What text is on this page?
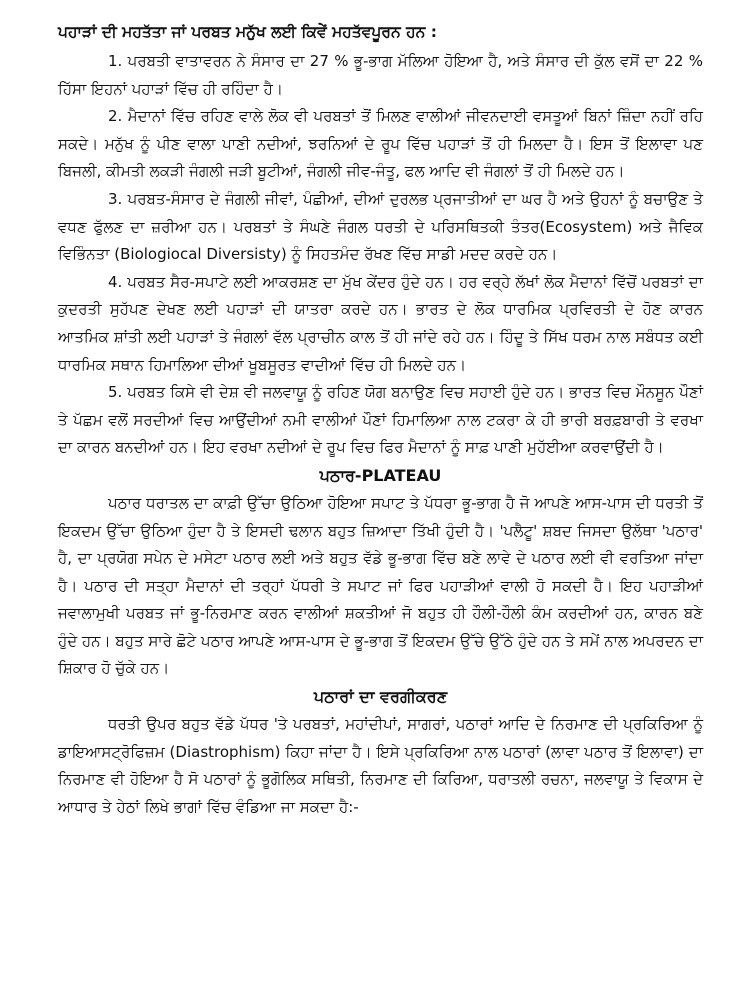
ਪਹਾੜਾਂ ਦੀ ਮਹਤੱਤਾ ਜਾਂ ਪਰਬਤ ਮਨੁੱਖ ਲਈ ਕਿਵੇਂ ਮਹਤੱਵਪੂਰਨ ਹਨ :

1. ਪਰਬਤੀ ਵਾਤਾਵਰਨ ਨੇ ਸੰਸਾਰ ਦਾ 27 % ਭੂ-ਭਾਗ ਮੱਲਿਆ ਹੋਇਆ ਹੈ, ਅਤੇ ਸੰਸਾਰ ਦੀ ਕੁੱਲ ਵਸੋਂ ਦਾ 22 % ਹਿੱਸਾ ਇਹਨਾਂ ਪਹਾੜਾਂ ਵਿੱਚ ਹੀ ਰਹਿੰਦਾ ਹੈ।

2. ਮੈਦਾਨਾਂ ਵਿੱਚ ਰਹਿਣ ਵਾਲੇ ਲੋਕ ਵੀ ਪਰਬਤਾਂ ਤੋਂ ਮਿਲਣ ਵਾਲੀਆਂ ਜੀਵਨਦਾਈ ਵਸਤੂਆਂ ਬਿਨਾਂ ਜ਼ਿੰਦਾ ਨਹੀਂ ਰਹਿ ਸਕਦੇ। ਮਨੁੱਖ ਨੂੰ ਪੀਣ ਵਾਲਾ ਪਾਣੀ ਨਦੀਆਂ, ਝਰਨਿਆਂ ਦੇ ਰੂਪ ਵਿੱਚ ਪਹਾੜਾਂ ਤੋਂ ਹੀ ਮਿਲਦਾ ਹੈ। ਇਸ ਤੋਂ ਇਲਾਵਾ ਪਣ ਬਿਜਲੀ, ਕੀਮਤੀ ਲਕੜੀ ਜੰਗਲੀ ਜੜੀ ਬੂਟੀਆਂ, ਜੰਗਲੀ ਜੀਵ-ਜੰਤੂ, ਫਲ ਆਦਿ ਵੀ ਜੰਗਲਾਂ ਤੋਂ ਹੀ ਮਿਲਦੇ ਹਨ।

3. ਪਰਬਤ-ਸੰਸਾਰ ਦੇ ਜੰਗਲੀ ਜੀਵਾਂ, ਪੰਛੀਆਂ, ਦੀਆਂ ਦੁਰਲਭ ਪ੍ਰਜਾਤੀਆਂ ਦਾ ਘਰ ਹੈ ਅਤੇ ਉਹਨਾਂ ਨੂੰ ਬਚਾਉਣ ਤੇ ਵਧਣ ਫੁੱਲਣ ਦਾ ਜ਼ਰੀਆ ਹਨ। ਪਰਬਤਾਂ ਤੇ ਸੰਘਣੇ ਜੰਗਲ ਧਰਤੀ ਦੇ ਪਰਿਸਥਿਤਕੀ ਤੰਤਰ(Ecosystem) ਅਤੇ ਜੈਵਿਕ ਵਿਭਿੰਨਤਾ (Biologiocal Diversisty) ਨੂੰ ਸਿਹਤਮੰਦ ਰੱਖਣ ਵਿੱਚ ਸਾਡੀ ਮਦਦ ਕਰਦੇ ਹਨ।

4. ਪਰਬਤ ਸੈਰ-ਸਪਾਟੇ ਲਈ ਆਕਰਸ਼ਣ ਦਾ ਮੁੱਖ ਕੇਂਦਰ ਹੁੰਦੇ ਹਨ। ਹਰ ਵਰ੍ਹੇ ਲੱਖਾਂ ਲੋਕ ਮੈਦਾਨਾਂ ਵਿੱਚੋਂ ਪਰਬਤਾਂ ਦਾ ਕੁਦਰਤੀ ਸੁਹੱਪਣ ਦੇਖਣ ਲਈ ਪਹਾੜਾਂ ਦੀ ਯਾਤਰਾ ਕਰਦੇ ਹਨ। ਭਾਰਤ ਦੇ ਲੋਕ ਧਾਰਮਿਕ ਪ੍ਰਵਿਰਤੀ ਦੇ ਹੋਣ ਕਾਰਨ ਆਤਮਿਕ ਸ਼ਾਂਤੀ ਲਈ ਪਹਾੜਾਂ ਤੇ ਜੰਗਲਾਂ ਵੱਲ ਪ੍ਰਾਚੀਨ ਕਾਲ ਤੋਂ ਹੀ ਜਾਂਦੇ ਰਹੇ ਹਨ। ਹਿੰਦੂ ਤੇ ਸਿੱਖ ਧਰਮ ਨਾਲ ਸਬੰਧਤ ਕਈ ਧਾਰਮਿਕ ਸਥਾਨ ਹਿਮਾਲਿਆ ਦੀਆਂ ਖੂਬਸੂਰਤ ਵਾਦੀਆਂ ਵਿੱਚ ਹੀ ਮਿਲਦੇ ਹਨ।

5. ਪਰਬਤ ਕਿਸੇ ਵੀ ਦੇਸ਼ ਵੀ ਜਲਵਾਯੂ ਨੂੰ ਰਹਿਣ ਯੋਗ ਬਨਾਉਣ ਵਿਚ ਸਹਾਈ ਹੁੰਦੇ ਹਨ। ਭਾਰਤ ਵਿਚ ਮੌਨਸੂਨ ਪੌਣਾਂ ਤੇ ਪੱਛਮ ਵਲੋਂ ਸਰਦੀਆਂ ਵਿਚ ਆਉਂਦੀਆਂ ਨਮੀ ਵਾਲੀਆਂ ਪੌਣਾਂ ਹਿਮਾਲਿਆ ਨਾਲ ਟਕਰਾ ਕੇ ਹੀ ਭਾਰੀ ਬਰਫ਼ਬਾਰੀ ਤੇ ਵਰਖਾ ਦਾ ਕਾਰਨ ਬਨਦੀਆਂ ਹਨ। ਇਹ ਵਰਖਾ ਨਦੀਆਂ ਦੇ ਰੂਪ ਵਿਚ ਫਿਰ ਮੈਦਾਨਾਂ ਨੂੰ ਸਾਫ਼ ਪਾਣੀ ਮੁਹੱਈਆ ਕਰਵਾਉਂਦੀ ਹੈ।

ਪਠਾਰ-PLATEAU

ਪਠਾਰ ਧਰਾਤਲ ਦਾ ਕਾਫ਼ੀ ਉੱਚਾ ਉਠਿਆ ਹੋਇਆ ਸਪਾਟ ਤੇ ਪੱਧਰਾ ਭੂ-ਭਾਗ ਹੈ ਜੋ ਆਪਣੇ ਆਸ-ਪਾਸ ਦੀ ਧਰਤੀ ਤੋਂ ਇਕਦਮ ਉੱਚਾ ਉਠਿਆ ਹੁੰਦਾ ਹੈ ਤੇ ਇਸਦੀ ਢਲਾਨ ਬਹੁਤ ਜ਼ਿਆਦਾ ਤਿੱਖੀ ਹੁੰਦੀ ਹੈ। 'ਪਲੈਟੂ' ਸ਼ਬਦ ਜਿਸਦਾ ਉਲੱਥਾ 'ਪਠਾਰ' ਹੈ, ਦਾ ਪ੍ਰਯੋਗ ਸਪੇਨ ਦੇ ਮਸੇਟਾ ਪਠਾਰ ਲਈ ਅਤੇ ਬਹੁਤ ਵੱਡੇ ਭੂ-ਭਾਗ ਵਿੱਚ ਬਣੇ ਲਾਵੇ ਦੇ ਪਠਾਰ ਲਈ ਵੀ ਵਰਤਿਆ ਜਾਂਦਾ ਹੈ। ਪਠਾਰ ਦੀ ਸਤ੍ਹਾ ਮੈਦਾਨਾਂ ਦੀ ਤਰ੍ਹਾਂ ਪੱਧਰੀ ਤੇ ਸਪਾਟ ਜਾਂ ਫਿਰ ਪਹਾੜੀਆਂ ਵਾਲੀ ਹੋ ਸਕਦੀ ਹੈ। ਇਹ ਪਹਾੜੀਆਂ ਜਵਾਲਾਮੁਖੀ ਪਰਬਤ ਜਾਂ ਭੂ-ਨਿਰਮਾਣ ਕਰਨ ਵਾਲੀਆਂ ਸ਼ਕਤੀਆਂ ਜੋ ਬਹੁਤ ਹੀ ਹੌਲੀ-ਹੌਲੀ ਕੰਮ ਕਰਦੀਆਂ ਹਨ, ਕਾਰਨ ਬਣੇ ਹੁੰਦੇ ਹਨ। ਬਹੁਤ ਸਾਰੇ ਛੋਟੇ ਪਠਾਰ ਆਪਣੇ ਆਸ-ਪਾਸ ਦੇ ਭੂ-ਭਾਗ ਤੋਂ ਇਕਦਮ ਉੱਚੇ ਉੱਠੇ ਹੁੰਦੇ ਹਨ ਤੇ ਸਮੇਂ ਨਾਲ ਅਪਰਦਨ ਦਾ ਸ਼ਿਕਾਰ ਹੋ ਚੁੱਕੇ ਹਨ।

ਪਠਾਰਾਂ ਦਾ ਵਰਗੀਕਰਣ

ਧਰਤੀ ਉਪਰ ਬਹੁਤ ਵੱਡੇ ਪੱਧਰ 'ਤੇ ਪਰਬਤਾਂ, ਮਹਾਂਦੀਪਾਂ, ਸਾਗਰਾਂ, ਪਠਾਰਾਂ ਆਦਿ ਦੇ ਨਿਰਮਾਣ ਦੀ ਪ੍ਰਕਿਰਿਆ ਨੂੰ ਡਾਇਆਸਟ੍ਰੋਫਿਜ਼ਮ (Diastrophism) ਕਿਹਾ ਜਾਂਦਾ ਹੈ। ਇਸੇ ਪ੍ਰਕਿਰਿਆ ਨਾਲ ਪਠਾਰਾਂ (ਲਾਵਾ ਪਠਾਰ ਤੋਂ ਇਲਾਵਾ) ਦਾ ਨਿਰਮਾਣ ਵੀ ਹੋਇਆ ਹੈ ਸੋ ਪਠਾਰਾਂ ਨੂੰ ਭੂਗੋਲਿਕ ਸਥਿਤੀ, ਨਿਰਮਾਣ ਦੀ ਕਿਰਿਆ, ਧਰਾਤਲੀ ਰਚਨਾ, ਜਲਵਾਯੂ ਤੇ ਵਿਕਾਸ ਦੇ ਆਧਾਰ ਤੇ ਹੇਠਾਂ ਲਿਖੇ ਭਾਗਾਂ ਵਿੱਚ ਵੰਡਿਆ ਜਾ ਸਕਦਾ ਹੈ:-
